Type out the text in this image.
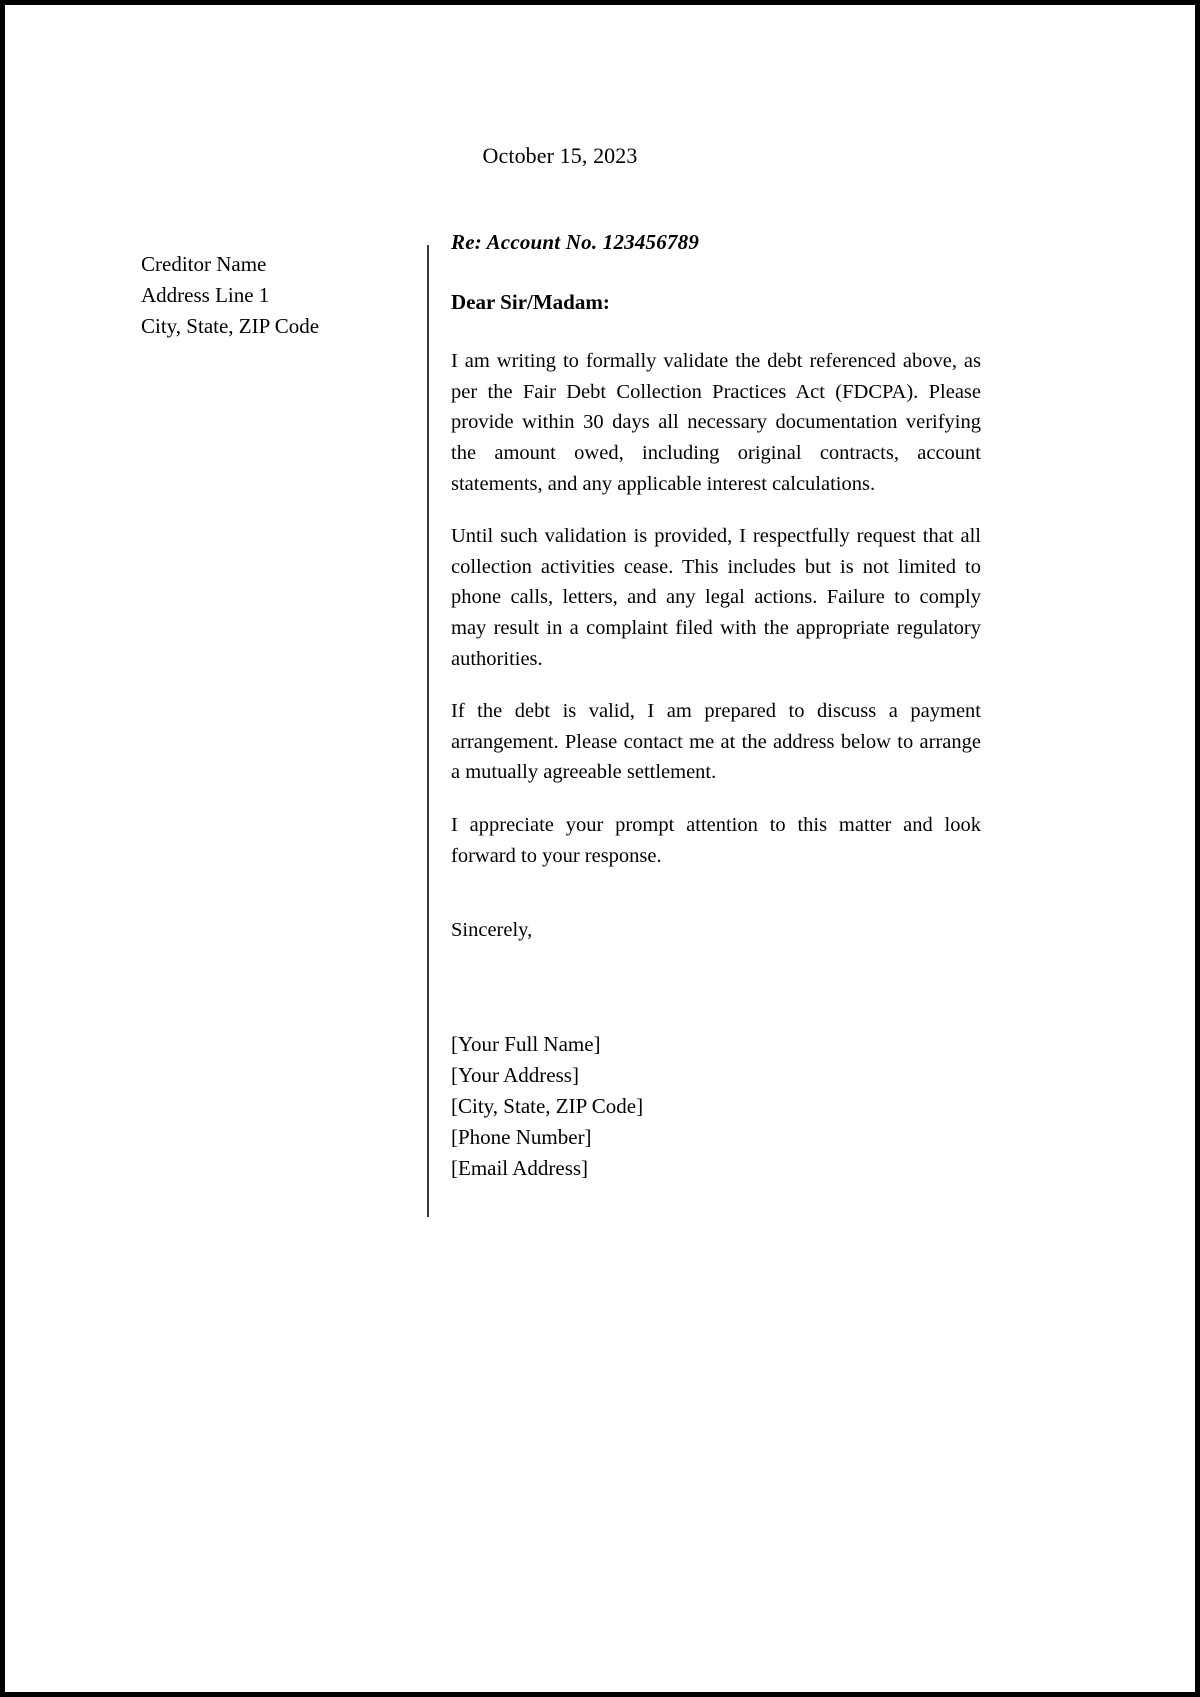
October 15, 2023
Creditor Name
Address Line 1
City, State, ZIP Code
Re: Account No. 123456789
Dear Sir/Madam:

I am writing to formally validate the debt referenced above, as per the Fair Debt Collection Practices Act (FDCPA). Please provide within 30 days all necessary documentation verifying the amount owed, including original contracts, account statements, and any applicable interest calculations.

Until such validation is provided, I respectfully request that all collection activities cease. This includes but is not limited to phone calls, letters, and any legal actions. Failure to comply may result in a complaint filed with the appropriate regulatory authorities.

If the debt is valid, I am prepared to discuss a payment arrangement. Please contact me at the address below to arrange a mutually agreeable settlement.

I appreciate your prompt attention to this matter and look forward to your response.

Sincerely,
[Your Full Name]
[Your Address]
[City, State, ZIP Code]
[Phone Number]
[Email Address]
